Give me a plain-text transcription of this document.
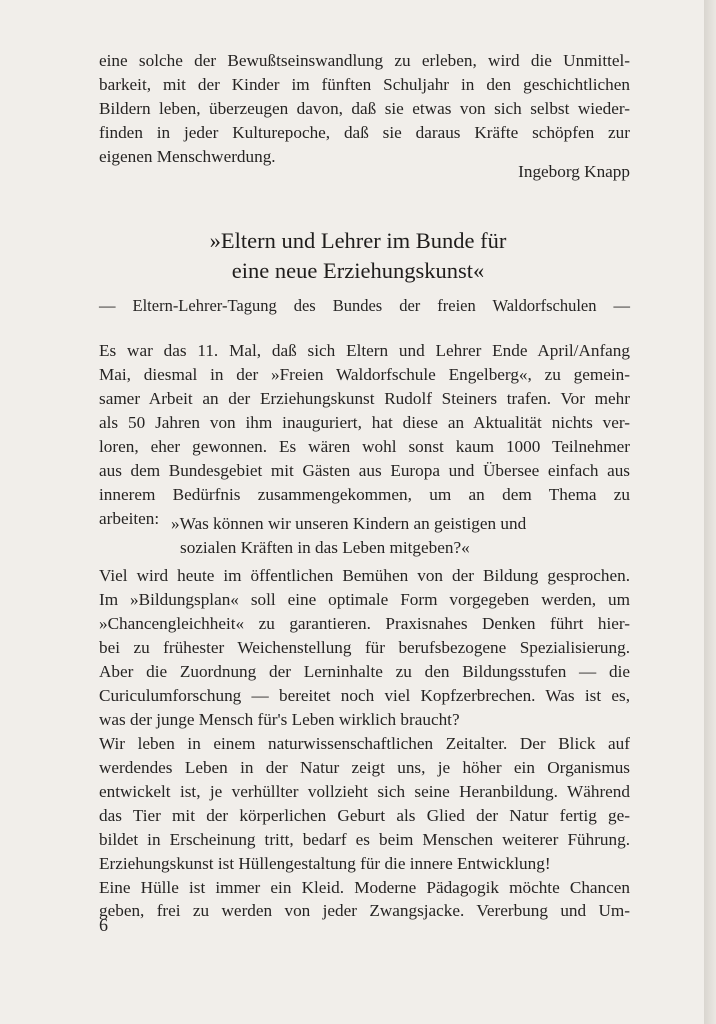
eine solche der Bewußtseinswandlung zu erleben, wird die Unmittel-
barkeit, mit der Kinder im fünften Schuljahr in den geschichtlichen
Bildern leben, überzeugen davon, daß sie etwas von sich selbst wieder-
finden in jeder Kulturepoche, daß sie daraus Kräfte schöpfen zur
eigenen Menschwerdung.
Ingeborg Knapp
»Eltern und Lehrer im Bunde für
eine neue Erziehungskunst«
— Eltern-Lehrer-Tagung des Bundes der freien Waldorfschulen —
Es war das 11. Mal, daß sich Eltern und Lehrer Ende April/Anfang
Mai, diesmal in der »Freien Waldorfschule Engelberg«, zu gemein-
samer Arbeit an der Erziehungskunst Rudolf Steiners trafen. Vor mehr
als 50 Jahren von ihm inauguriert, hat diese an Aktualität nichts ver-
loren, eher gewonnen. Es wären wohl sonst kaum 1000 Teilnehmer
aus dem Bundesgebiet mit Gästen aus Europa und Übersee einfach aus
innerem Bedürfnis zusammengekommen, um an dem Thema zu
arbeiten: »Was können wir unseren Kindern an geistigen und
sozialen Kräften in das Leben mitgeben?«
Viel wird heute im öffentlichen Bemühen von der Bildung gesprochen.
Im »Bildungsplan« soll eine optimale Form vorgegeben werden, um
»Chancengleichheit« zu garantieren. Praxisnahes Denken führt hier-
bei zu frühester Weichenstellung für berufsbezogene Spezialisierung.
Aber die Zuordnung der Lerninhalte zu den Bildungsstufen — die
Curiculumforschung — bereitet noch viel Kopfzerbrechen. Was ist es,
was der junge Mensch für's Leben wirklich braucht?
Wir leben in einem naturwissenschaftlichen Zeitalter. Der Blick auf
werdendes Leben in der Natur zeigt uns, je höher ein Organismus
entwickelt ist, je verhüllter vollzieht sich seine Heranbildung. Während
das Tier mit der körperlichen Geburt als Glied der Natur fertig ge-
bildet in Erscheinung tritt, bedarf es beim Menschen weiterer Führung.
Erziehungskunst ist Hüllengestaltung für die innere Entwicklung!
Eine Hülle ist immer ein Kleid. Moderne Pädagogik möchte Chancen
geben, frei zu werden von jeder Zwangsjacke. Vererbung und Um-
6
